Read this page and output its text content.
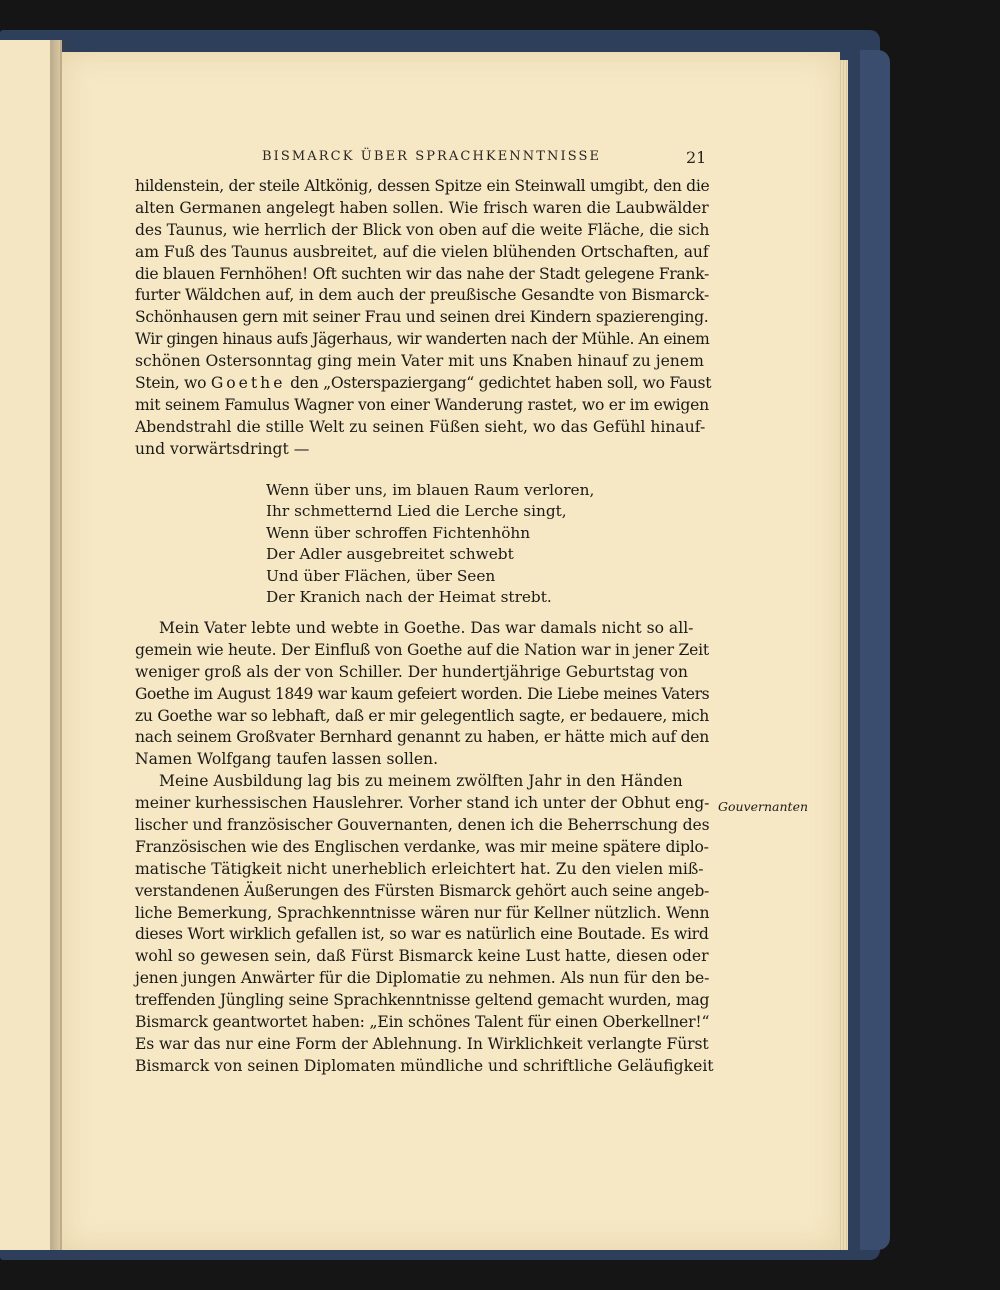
BISMARCK ÜBER SPRACHKENNTNISSE	21
hildenstein, der steile Altkönig, dessen Spitze ein Steinwall umgibt, den die
alten Germanen angelegt haben sollen. Wie frisch waren die Laubwälder
des Taunus, wie herrlich der Blick von oben auf die weite Fläche, die sich
am Fuß des Taunus ausbreitet, auf die vielen blühenden Ortschaften, auf
die blauen Fernhöhen! Oft suchten wir das nahe der Stadt gelegene Frank-
furter Wäldchen auf, in dem auch der preußische Gesandte von Bismarck-
Schönhausen gern mit seiner Frau und seinen drei Kindern spazierenging.
Wir gingen hinaus aufs Jägerhaus, wir wanderten nach der Mühle. An einem
schönen Ostersonntag ging mein Vater mit uns Knaben hinauf zu jenem
Stein, wo Goethe den „Osterspaziergang“ gedichtet haben soll, wo Faust
mit seinem Famulus Wagner von einer Wanderung rastet, wo er im ewigen
Abendstrahl die stille Welt zu seinen Füßen sieht, wo das Gefühl hinauf-
und vorwärtsdringt —
Wenn über uns, im blauen Raum verloren,
Ihr schmetternd Lied die Lerche singt,
Wenn über schroffen Fichtenhöhn
Der Adler ausgebreitet schwebt
Und über Flächen, über Seen
Der Kranich nach der Heimat strebt.
Mein Vater lebte und webte in Goethe. Das war damals nicht so all-
gemein wie heute. Der Einfluß von Goethe auf die Nation war in jener Zeit
weniger groß als der von Schiller. Der hundertjährige Geburtstag von
Goethe im August 1849 war kaum gefeiert worden. Die Liebe meines Vaters
zu Goethe war so lebhaft, daß er mir gelegentlich sagte, er bedauere, mich
nach seinem Großvater Bernhard genannt zu haben, er hätte mich auf den
Namen Wolfgang taufen lassen sollen.
Meine Ausbildung lag bis zu meinem zwölften Jahr in den Händen
meiner kurhessischen Hauslehrer. Vorher stand ich unter der Obhut eng-
lischer und französischer Gouvernanten, denen ich die Beherrschung des
Französischen wie des Englischen verdanke, was mir meine spätere diplo-
matische Tätigkeit nicht unerheblich erleichtert hat. Zu den vielen miß-
verstandenen Äußerungen des Fürsten Bismarck gehört auch seine angeb-
liche Bemerkung, Sprachkenntnisse wären nur für Kellner nützlich. Wenn
dieses Wort wirklich gefallen ist, so war es natürlich eine Boutade. Es wird
wohl so gewesen sein, daß Fürst Bismarck keine Lust hatte, diesen oder
jenen jungen Anwärter für die Diplomatie zu nehmen. Als nun für den be-
treffenden Jüngling seine Sprachkenntnisse geltend gemacht wurden, mag
Bismarck geantwortet haben: „Ein schönes Talent für einen Oberkellner!“
Es war das nur eine Form der Ablehnung. In Wirklichkeit verlangte Fürst
Bismarck von seinen Diplomaten mündliche und schriftliche Geläufigkeit
Gouvernanten
